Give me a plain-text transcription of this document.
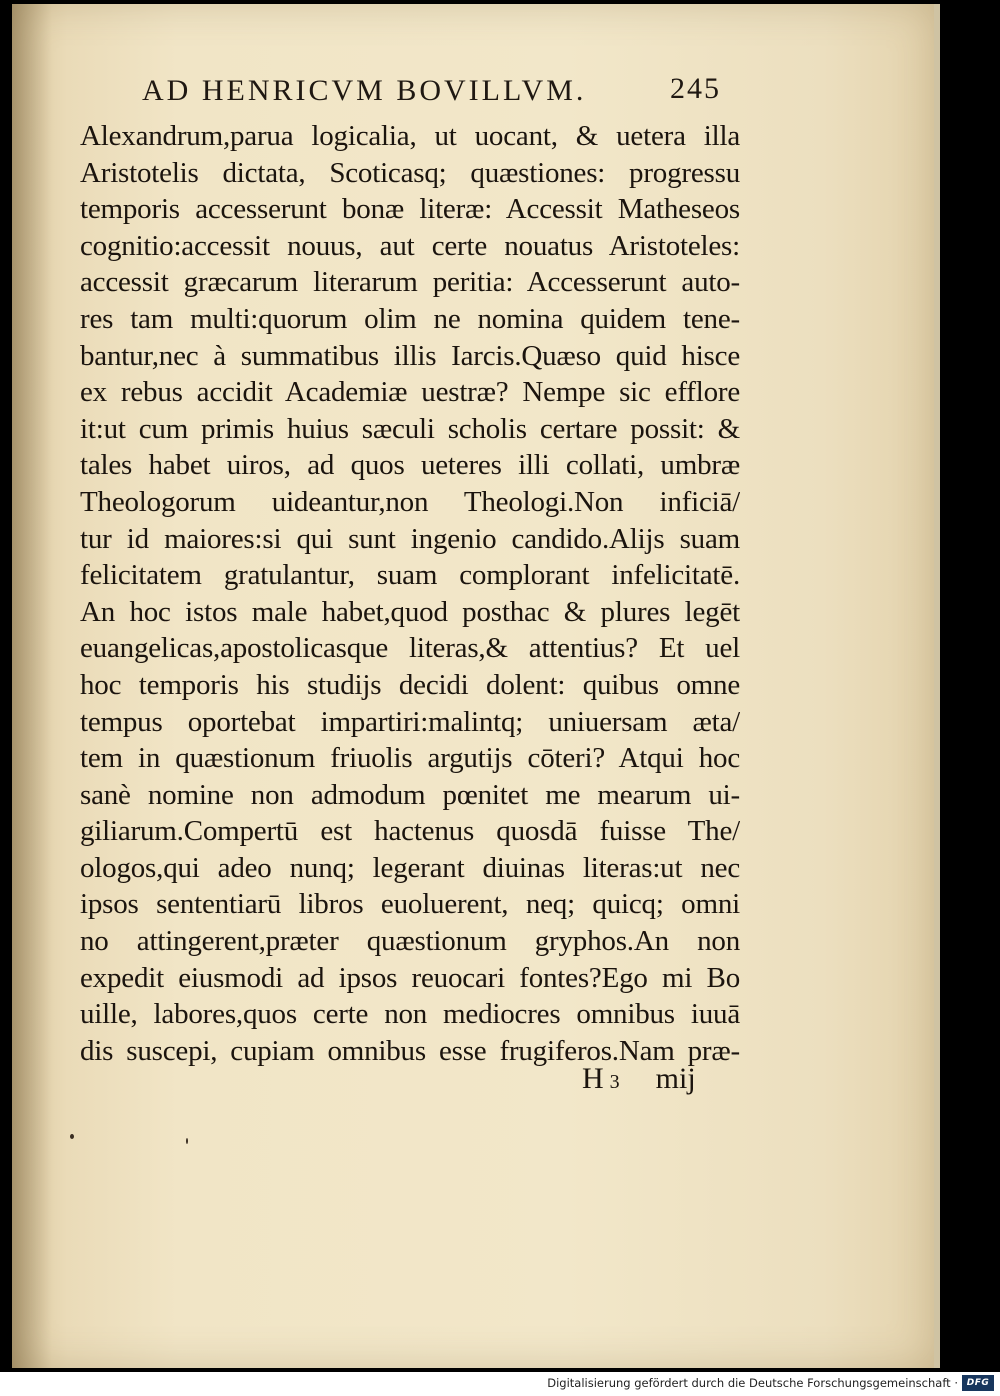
AD HENRICVM BOVILLVM.	245
Alexandrum,parua logicalia, ut uocant, & uetera illa
Aristotelis dictata, Scoticasq; quæstiones: progressu
temporis accesserunt bonæ literæ: Accessit Matheseos
cognitio:accessit nouus, aut certe nouatus Aristoteles:
accessit græcarum literarum peritia: Accesserunt auto-
res tam multi:quorum olim ne nomina quidem tene-
bantur,nec à summatibus illis Iarcis.Quæso quid hisce
ex rebus accidit Academiæ uestræ? Nempe sic efflore
it:ut cum primis huius sæculi scholis certare possit: &
tales habet uiros, ad quos ueteres illi collati, umbræ
Theologorum uideantur,non Theologi.Non inficiā/
tur id maiores:si qui sunt ingenio candido.Alijs suam
felicitatem gratulantur, suam complorant infelicitatē.
An hoc istos male habet,quod posthac & plures legēt
euangelicas,apostolicasque literas,& attentius? Et uel
hoc temporis his studijs decidi dolent: quibus omne
tempus oportebat impartiri:malintq; uniuersam æta/
tem in quæstionum friuolis argutijs cōteri? Atqui hoc
sanè nomine non admodum pœnitet me mearum ui-
giliarum.Compertū est hactenus quosdā fuisse The/
ologos,qui adeo nunq; legerant diuinas literas:ut nec
ipsos sententiarū libros euoluerent, neq; quicq; omni
no attingerent,præter quæstionum gryphos.An non
expedit eiusmodi ad ipsos reuocari fontes?Ego mi Bo
uille, labores,quos certe non mediocres omnibus iuuā
dis suscepi, cupiam omnibus esse frugiferos.Nam præ-
H 3 mij
Digitalisierung gefördert durch die Deutsche Forschungsgemeinschaft · DFG
